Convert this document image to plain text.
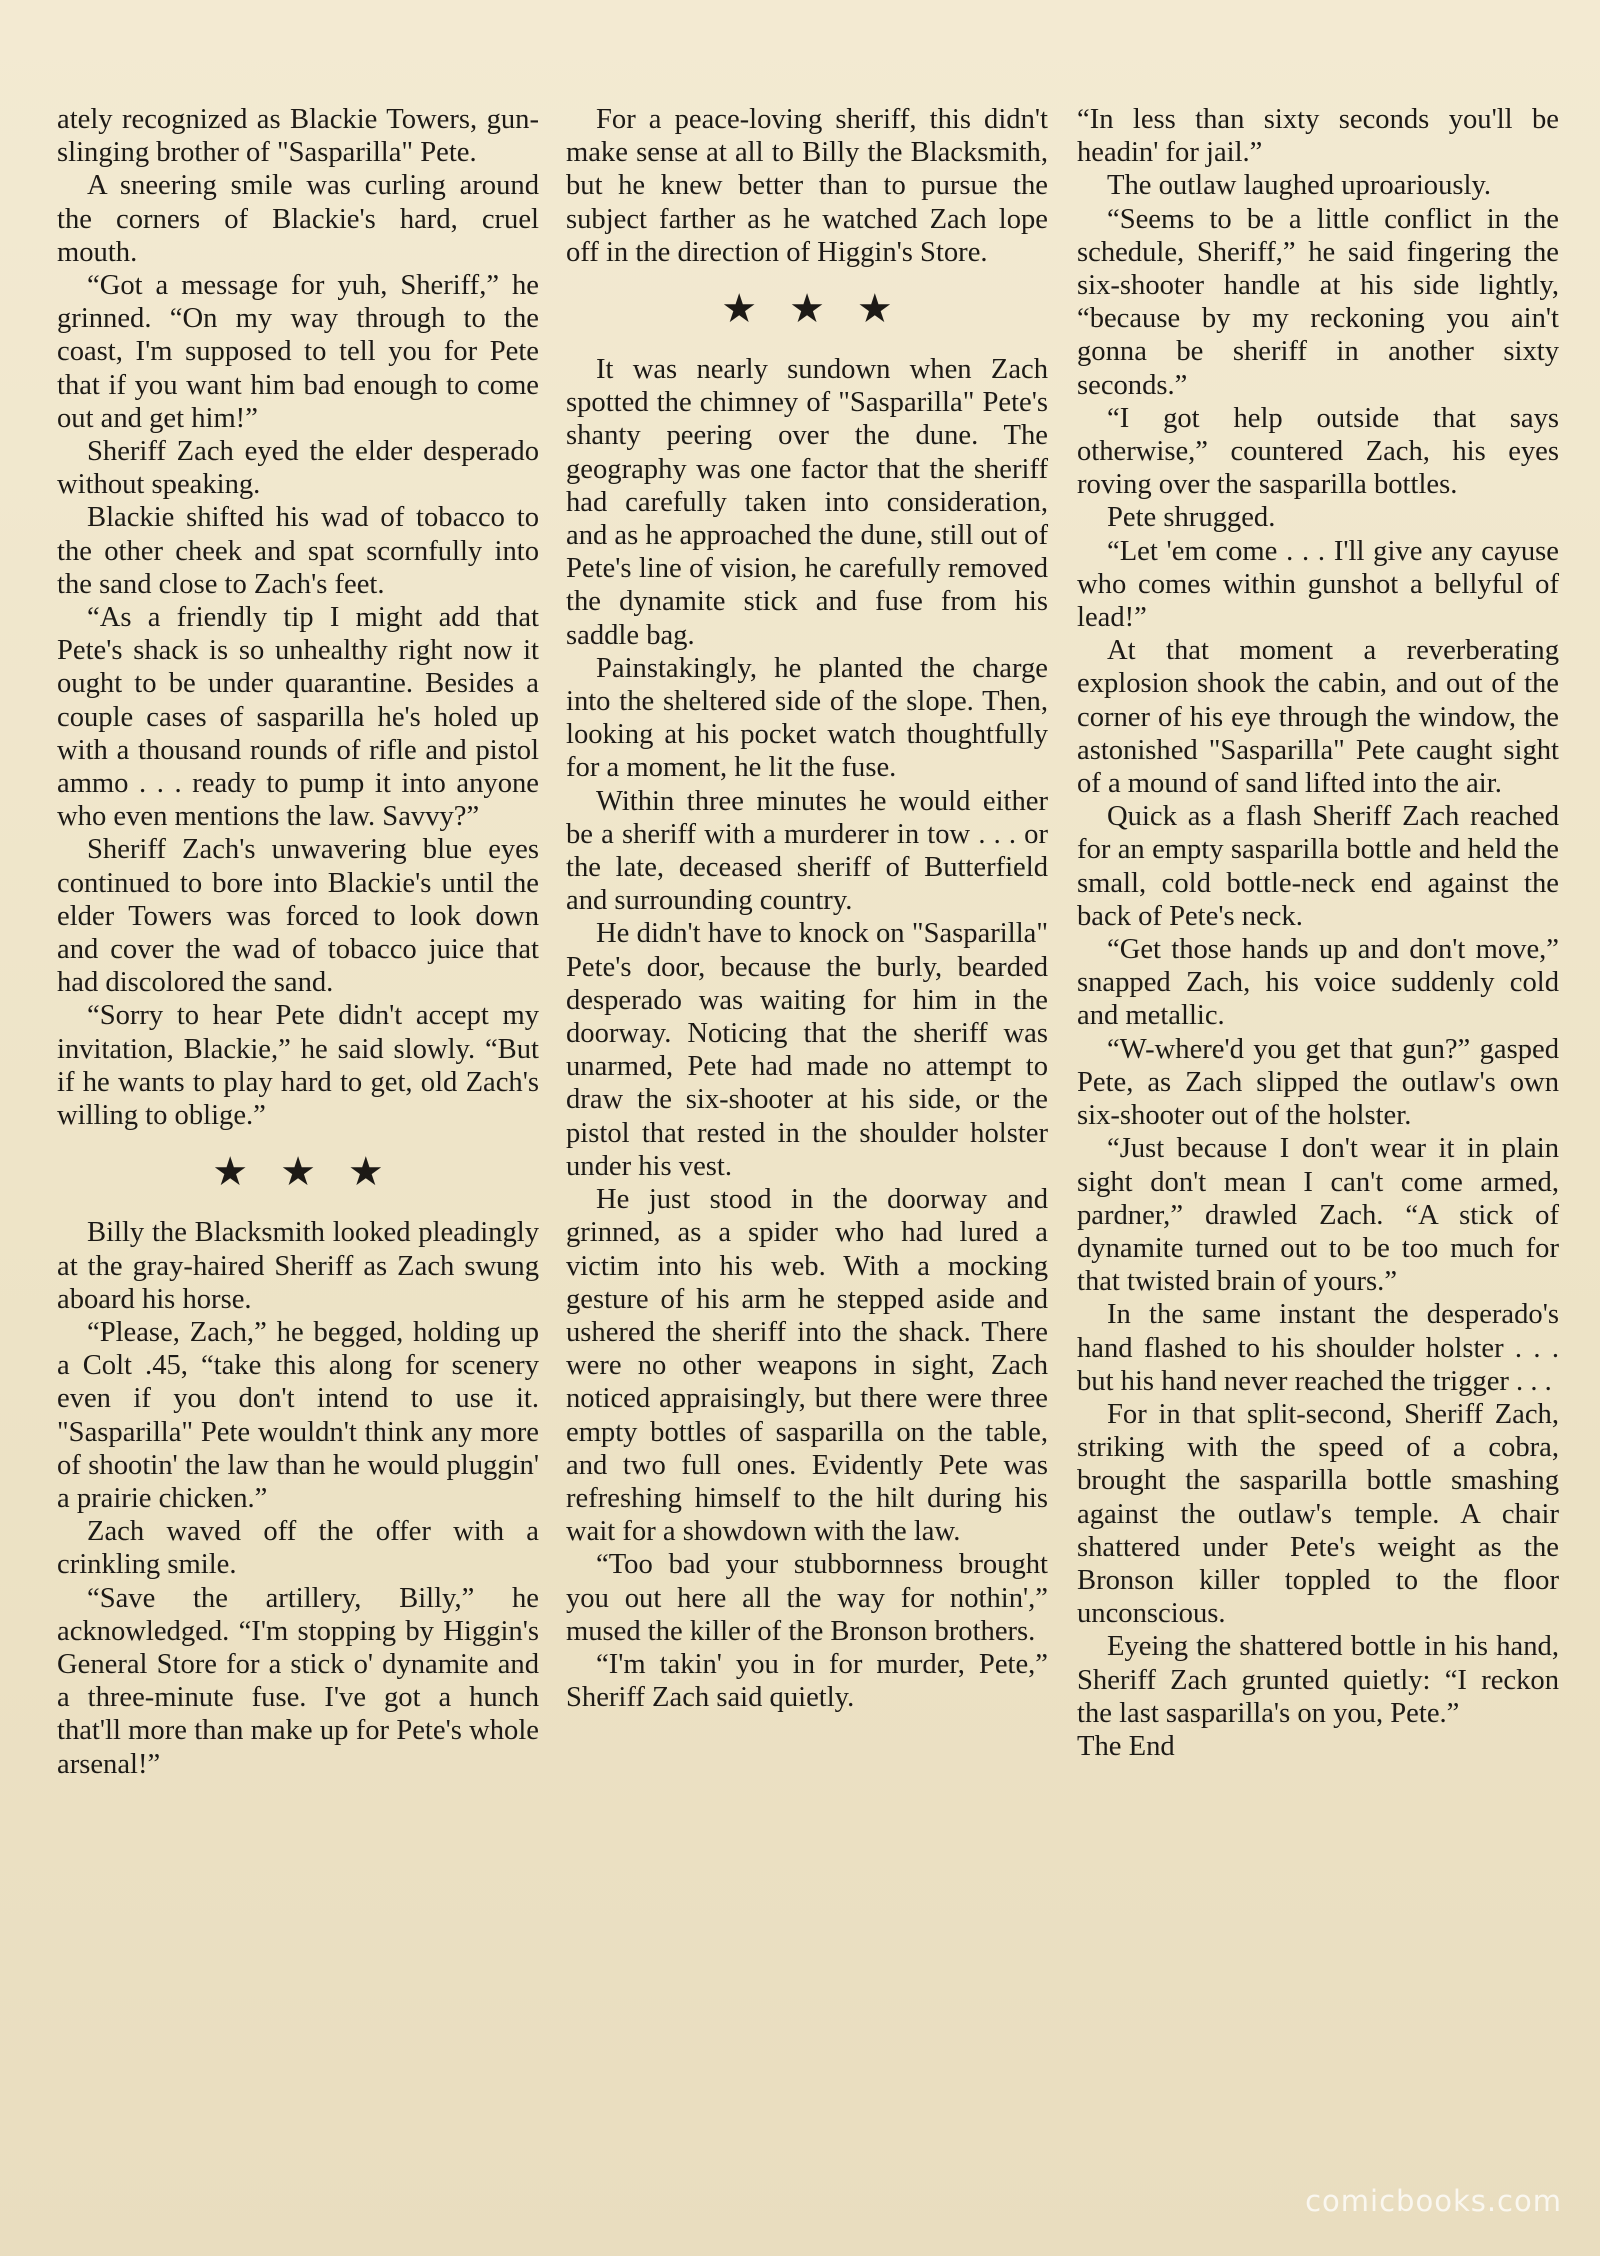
ately recognized as Blackie Towers, gun-slinging brother of "Sasparilla" Pete.

A sneering smile was curling around the corners of Blackie's hard, cruel mouth.

“Got a message for yuh, Sheriff,” he grinned. “On my way through to the coast, I'm supposed to tell you for Pete that if you want him bad enough to come out and get him!”

Sheriff Zach eyed the elder desperado without speaking.

Blackie shifted his wad of tobacco to the other cheek and spat scornfully into the sand close to Zach's feet.

“As a friendly tip I might add that Pete's shack is so unhealthy right now it ought to be under quarantine. Besides a couple cases of sasparilla he's holed up with a thousand rounds of rifle and pistol ammo . . . ready to pump it into anyone who even mentions the law. Savvy?”

Sheriff Zach's unwavering blue eyes continued to bore into Blackie's until the elder Towers was forced to look down and cover the wad of tobacco juice that had discolored the sand.

“Sorry to hear Pete didn't accept my invitation, Blackie,” he said slowly. “But if he wants to play hard to get, old Zach's willing to oblige.”

★ ★ ★

Billy the Blacksmith looked pleadingly at the gray-haired Sheriff as Zach swung aboard his horse.

“Please, Zach,” he begged, holding up a Colt .45, “take this along for scenery even if you don't intend to use it. "Sasparilla" Pete wouldn't think any more of shootin' the law than he would pluggin' a prairie chicken.”

Zach waved off the offer with a crinkling smile.

“Save the artillery, Billy,” he acknowledged. “I'm stopping by Higgin's General Store for a stick o' dynamite and a three-minute fuse. I've got a hunch that'll more than make up for Pete's whole arsenal!”

For a peace-loving sheriff, this didn't make sense at all to Billy the Blacksmith, but he knew better than to pursue the subject farther as he watched Zach lope off in the direction of Higgin's Store.

★ ★ ★

It was nearly sundown when Zach spotted the chimney of "Sasparilla" Pete's shanty peering over the dune. The geography was one factor that the sheriff had carefully taken into consideration, and as he approached the dune, still out of Pete's line of vision, he carefully removed the dynamite stick and fuse from his saddle bag.

Painstakingly, he planted the charge into the sheltered side of the slope. Then, looking at his pocket watch thoughtfully for a moment, he lit the fuse.

Within three minutes he would either be a sheriff with a murderer in tow . . . or the late, deceased sheriff of Butterfield and surrounding country.

He didn't have to knock on "Sasparilla" Pete's door, because the burly, bearded desperado was waiting for him in the doorway. Noticing that the sheriff was unarmed, Pete had made no attempt to draw the six-shooter at his side, or the pistol that rested in the shoulder holster under his vest.

He just stood in the doorway and grinned, as a spider who had lured a victim into his web. With a mocking gesture of his arm he stepped aside and ushered the sheriff into the shack. There were no other weapons in sight, Zach noticed appraisingly, but there were three empty bottles of sasparilla on the table, and two full ones. Evidently Pete was refreshing himself to the hilt during his wait for a showdown with the law.

“Too bad your stubbornness brought you out here all the way for nothin',” mused the killer of the Bronson brothers.

“I'm takin' you in for murder, Pete,” Sheriff Zach said quietly.

“In less than sixty seconds you'll be headin' for jail.”

The outlaw laughed uproariously.

“Seems to be a little conflict in the schedule, Sheriff,” he said fingering the six-shooter handle at his side lightly, “because by my reckoning you ain't gonna be sheriff in another sixty seconds.”

“I got help outside that says otherwise,” countered Zach, his eyes roving over the sasparilla bottles.

Pete shrugged.

“Let 'em come . . . I'll give any cayuse who comes within gunshot a bellyful of lead!”

At that moment a reverberating explosion shook the cabin, and out of the corner of his eye through the window, the astonished "Sasparilla" Pete caught sight of a mound of sand lifted into the air.

Quick as a flash Sheriff Zach reached for an empty sasparilla bottle and held the small, cold bottle-neck end against the back of Pete's neck.

“Get those hands up and don't move,” snapped Zach, his voice suddenly cold and metallic.

“W-where'd you get that gun?” gasped Pete, as Zach slipped the outlaw's own six-shooter out of the holster.

“Just because I don't wear it in plain sight don't mean I can't come armed, pardner,” drawled Zach. “A stick of dynamite turned out to be too much for that twisted brain of yours.”

In the same instant the desperado's hand flashed to his shoulder holster . . . but his hand never reached the trigger . . .

For in that split-second, Sheriff Zach, striking with the speed of a cobra, brought the sasparilla bottle smashing against the outlaw's temple. A chair shattered under Pete's weight as the Bronson killer toppled to the floor unconscious.

Eyeing the shattered bottle in his hand, Sheriff Zach grunted quietly: “I reckon the last sasparilla's on you, Pete.”

The End

comicbooks.com
